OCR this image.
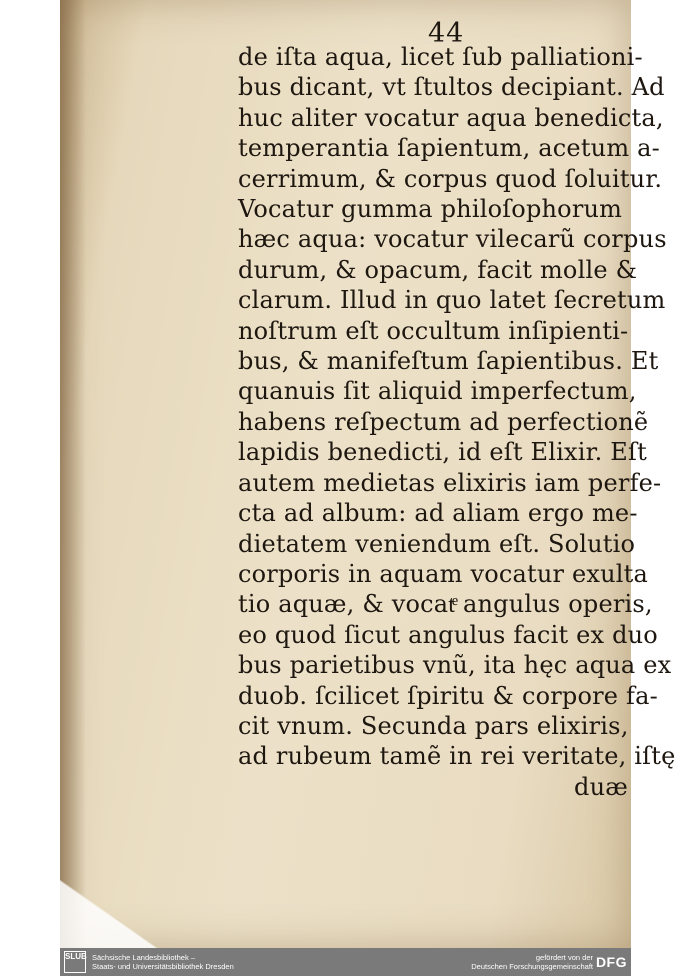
44
de iſta aqua, licet ſub palliationi-
bus dicant, vt ſtultos decipiant. Ad
huc aliter vocatur aqua benedicta,
temperantia ſapientum, acetum a-
cerrimum, & corpus quod ſoluitur.
Vocatur gumma philoſophorum
hæc aqua: vocatur vilecarũ corpus
durum, & opacum, facit molle &
clarum. Illud in quo latet ſecretum
noſtrum eſt occultum inſipienti-
bus, & manifeſtum ſapientibus. Et
quanuis ſit aliquid imperfectum,
habens reſpectum ad perfectionẽ
lapidis benedicti, id eſt Elixir. Eſt
autem medietas elixiris iam perfe-
cta ad album: ad aliam ergo me-
dietatem veniendum eſt. Solutio
corporis in aquam vocatur exulta
tio aquæ, & vocatͤ angulus operis,
eo quod ſicut angulus facit ex duo
bus parietibus vnũ, ita hęc aqua ex
duob. ſcilicet ſpiritu & corpore fa-
cit vnum. Secunda pars elixiris,
ad rubeum tamẽ in rei veritate, iſtę
duæ
SLUB Sächsische Landesbibliothek –
Staats- und Universitätsbibliothek Dresden
gefördert von der
Deutschen Forschungsgemeinschaft DFG
